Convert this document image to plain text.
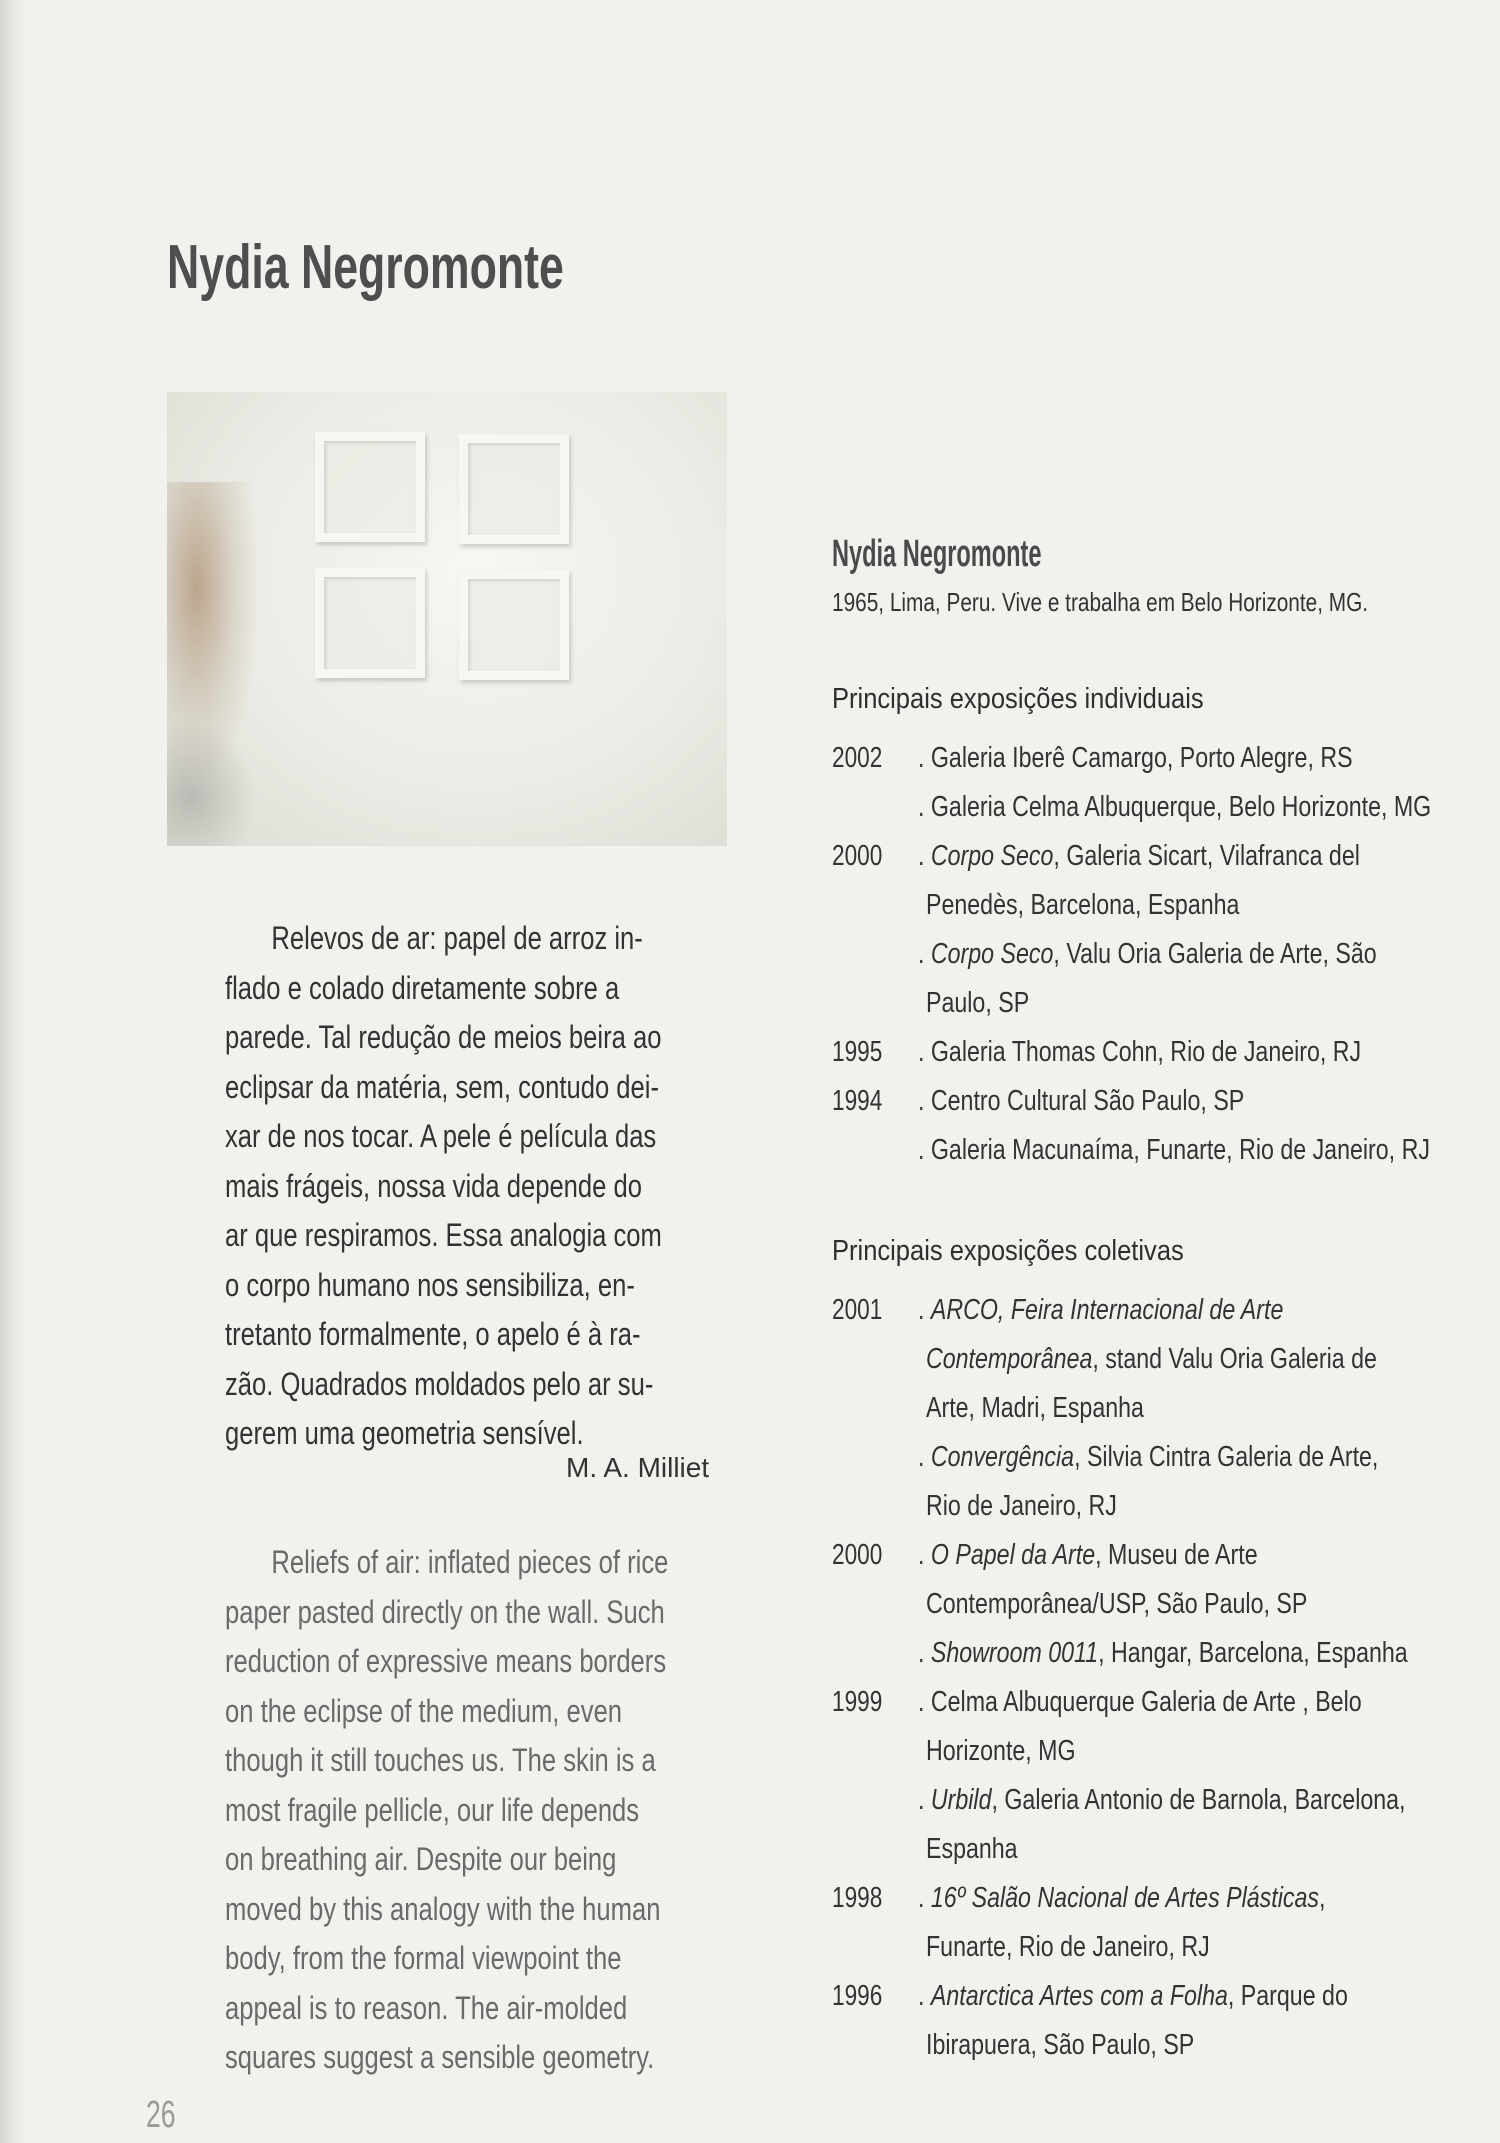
Nydia Negromonte

Relevos de ar: papel de arroz in-

flado e colado diretamente sobre a

parede. Tal redução de meios beira ao

eclipsar da matéria, sem, contudo dei-

xar de nos tocar. A pele é película das

mais frágeis, nossa vida depende do

ar que respiramos. Essa analogia com

o corpo humano nos sensibiliza, en-

tretanto formalmente, o apelo é à ra-

zão. Quadrados moldados pelo ar su-

gerem uma geometria sensível.

M. A. Milliet

Reliefs of air: inflated pieces of rice

paper pasted directly on the wall. Such

reduction of expressive means borders

on the eclipse of the medium, even

though it still touches us. The skin is a

most fragile pellicle, our life depends

on breathing air. Despite our being

moved by this analogy with the human

body, from the formal viewpoint the

appeal is to reason. The air-molded

squares suggest a sensible geometry.

26
Nydia Negromonte
1965, Lima, Peru. Vive e trabalha em Belo Horizonte, MG.
Principais exposições individuais
2002 . Galeria Iberê Camargo, Porto Alegre, RS
. Galeria Celma Albuquerque, Belo Horizonte, MG
2000 . Corpo Seco, Galeria Sicart, Vilafranca del
Penedès, Barcelona, Espanha
. Corpo Seco, Valu Oria Galeria de Arte, São
Paulo, SP
1995 . Galeria Thomas Cohn, Rio de Janeiro, RJ
1994 . Centro Cultural São Paulo, SP
. Galeria Macunaíma, Funarte, Rio de Janeiro, RJ
Principais exposições coletivas
2001 . ARCO, Feira Internacional de Arte
Contemporânea, stand Valu Oria Galeria de
Arte, Madri, Espanha
. Convergência, Silvia Cintra Galeria de Arte,
Rio de Janeiro, RJ
2000 . O Papel da Arte, Museu de Arte
Contemporânea/USP, São Paulo, SP
. Showroom 0011, Hangar, Barcelona, Espanha
1999 . Celma Albuquerque Galeria de Arte , Belo
Horizonte, MG
. Urbild, Galeria Antonio de Barnola, Barcelona,
Espanha
1998 . 16º Salão Nacional de Artes Plásticas,
Funarte, Rio de Janeiro, RJ
1996 . Antarctica Artes com a Folha, Parque do
Ibirapuera, São Paulo, SP
